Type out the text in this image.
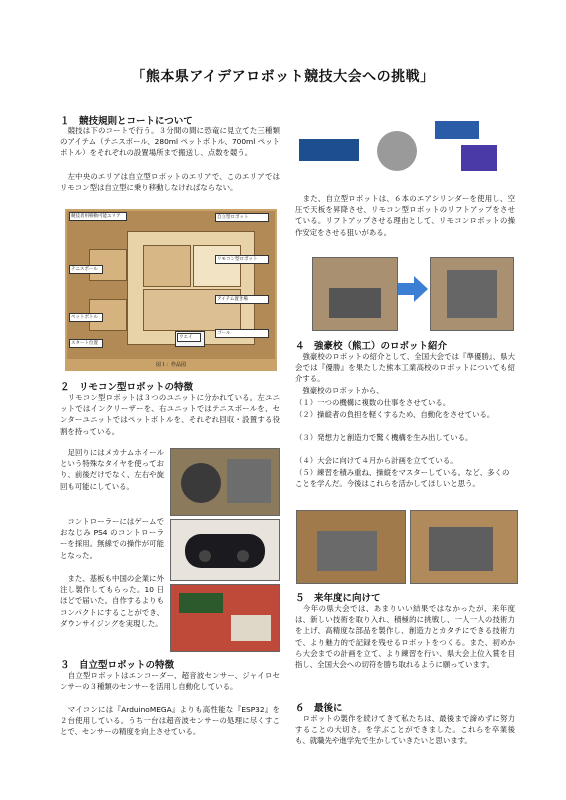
「熊本県アイデアロボット競技大会への挑戦」
１　競技規則とコートについて
　競技は下のコートで行う。３分間の間に恐竜に見立てた三種類のアイテム（テニスボール、280ml ペットボトル、700ml ペットボトル）をそれぞれの設置場所まで搬送し、点数を競う。
　左中央のエリアは自立型ロボットのエリアで、このエリアではリモコン型は自立型に乗り移動しなければならない。
競技者用移動可能エリア	自立型ロボット
リモコン型ロボット
アイテム置き場
テニスボール
ペットボトル
スタート位置
ウエイ
ゴール
図１：作品図
２　リモコン型ロボットの特徴
　リモコン型ロボットは３つのユニットに分かれている。左ユニットではインクリーザーを、右ユニットではテニスボールを、センターユニットではペットボトルを、それぞれ回収・設置する役割を持っている。
　足回りにはメカナムホイールという特殊なタイヤを使っており、前後だけでなく、左右や旋回も可能にしている。
　コントローラーにはゲームでおなじみ PS4 のコントローラーを採用。無線での操作が可能となった。
　また、基板も中国の企業に外注し製作してもらった。10 日ほどで届いた。自作するよりもコンパクトにすることができ、ダウンサイジングを実現した。
３　自立型ロボットの特徴
　自立型ロボットはエンコーダー、超音波センサー、ジャイロセンサーの３種類のセンサーを活用し自動化している。
　マイコンには『ArduinoMEGA』よりも高性能な『ESP32』を２台使用している。うち一台は超音波センサーの処理に尽くすことで、センサーの精度を向上させている。
　また、自立型ロボットは、６本のエアシリンダーを使用し、空圧で天板を昇降させ、リモコン型ロボットのリフトアップをさせている。リフトアップさせる理由として、リモコンロボットの操作安定をさせる狙いがある。
４　強豪校（熊工）のロボット紹介
　強豪校のロボットの紹介として、全国大会では『準優勝』、県大会では『優勝』を果たした熊本工業高校のロボットについても紹介する。
　強豪校のロボットから、
（１）一つの機構に複数の仕事をさせている。
（２）操縦者の負担を軽くするため、自動化をさせている。
（３）発想力と創造力で驚く機構を生み出している。
（４）大会に向けて４月から計画を立てている。
（５）練習を積み重ね、操縦をマスターしている。など、多くのことを学んだ。今後はこれらを活かしてほしいと思う。
５　来年度に向けて
　今年の県大会では、あまりいい結果ではなかったが、来年度は、新しい技術を取り入れ、積極的に挑戦し、一人一人の技術力を上げ、高精度な部品を製作し、創造力とカタチにできる技術力で、より魅力的で記録を残せるロボットをつくる。また、初めから大会までの計画を立て、より練習を行い、県大会上位入賞を目指し、全国大会への切符を勝ち取れるように願っています。
６　最後に
　ロボットの製作を続けてきて私たちは、最後まで諦めずに努力することの大切さ。を学ぶことができました。これらを卒業後も、就職先や進学先で生かしていきたいと思います。
